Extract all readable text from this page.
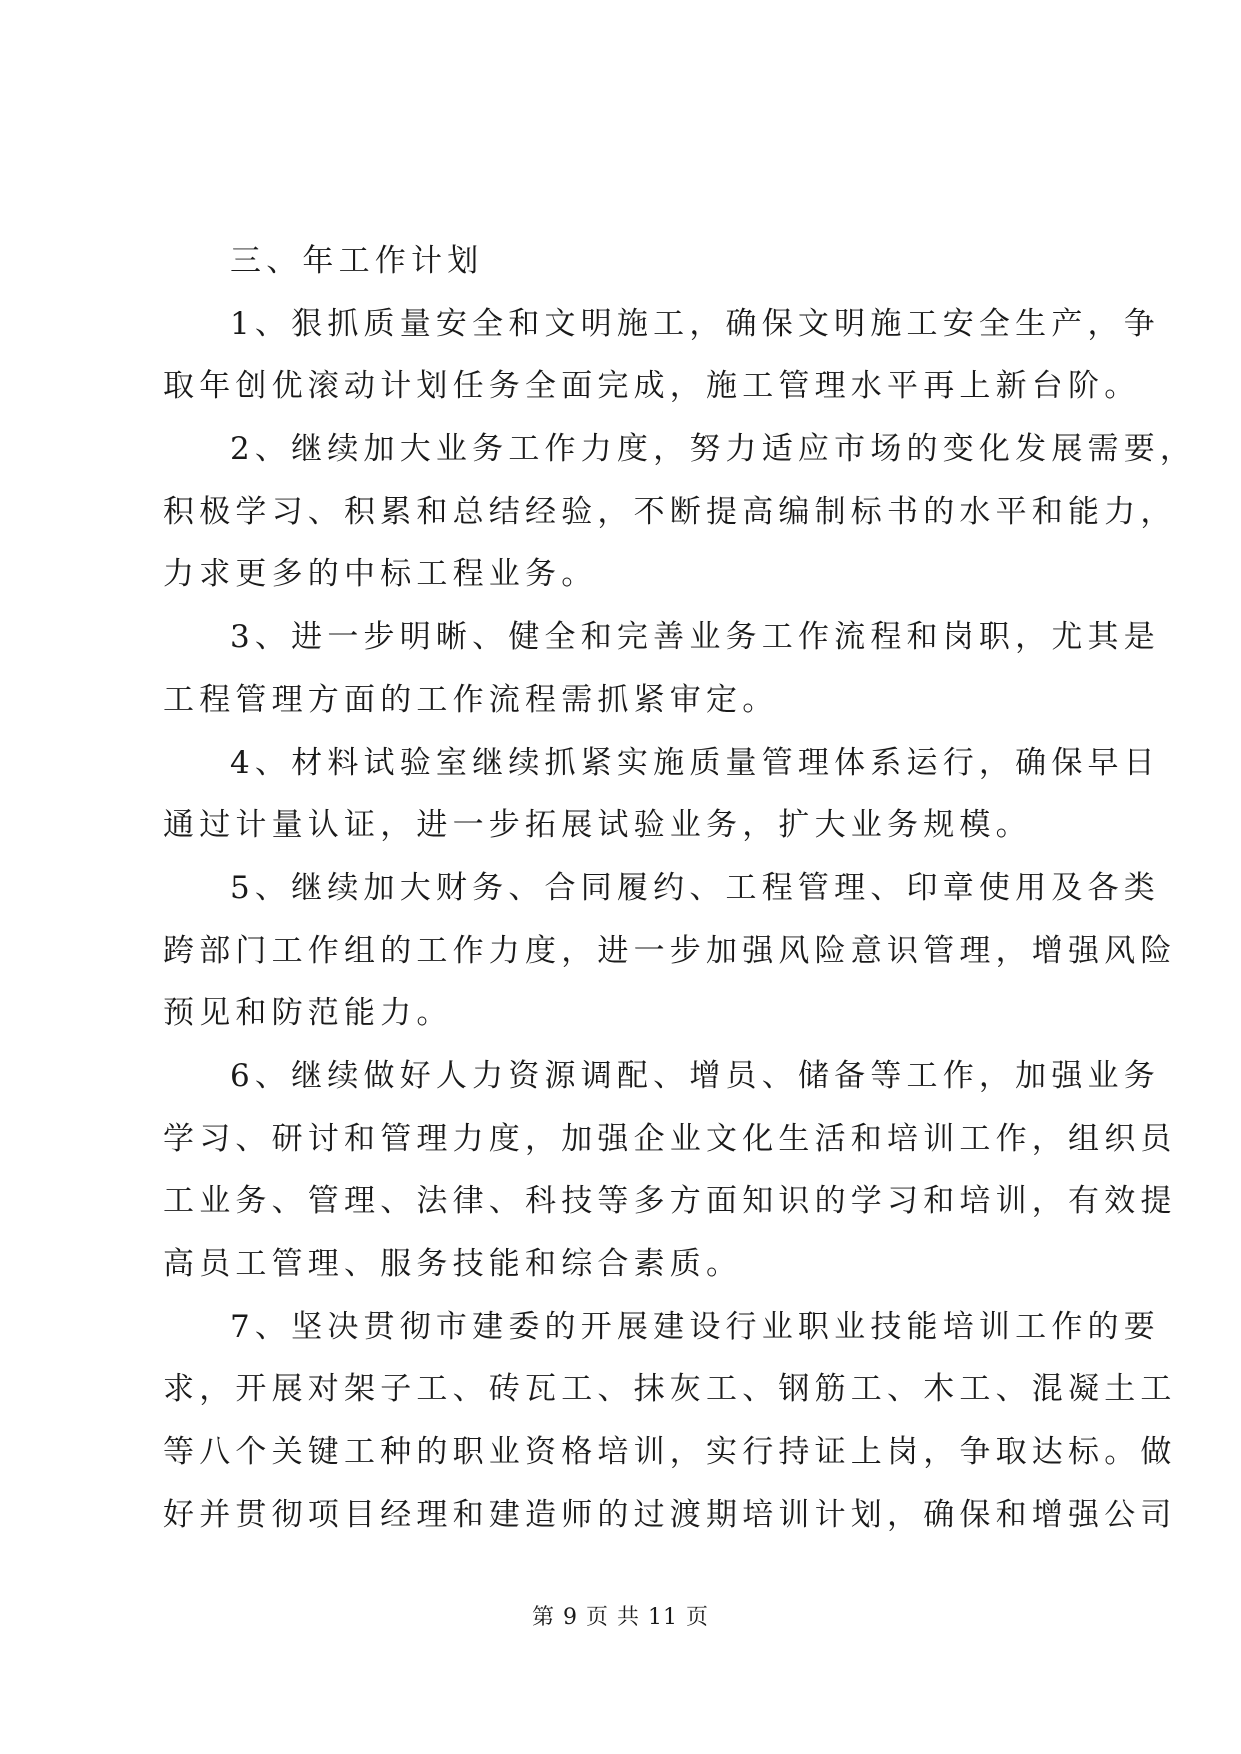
三、年工作计划
1、狠抓质量安全和文明施工，确保文明施工安全生产，争
取年创优滚动计划任务全面完成，施工管理水平再上新台阶。
2、继续加大业务工作力度，努力适应市场的变化发展需要，
积极学习、积累和总结经验，不断提高编制标书的水平和能力，
力求更多的中标工程业务。
3、进一步明晰、健全和完善业务工作流程和岗职，尤其是
工程管理方面的工作流程需抓紧审定。
4、材料试验室继续抓紧实施质量管理体系运行，确保早日
通过计量认证，进一步拓展试验业务，扩大业务规模。
5、继续加大财务、合同履约、工程管理、印章使用及各类
跨部门工作组的工作力度，进一步加强风险意识管理，增强风险
预见和防范能力。
6、继续做好人力资源调配、增员、储备等工作，加强业务
学习、研讨和管理力度，加强企业文化生活和培训工作，组织员
工业务、管理、法律、科技等多方面知识的学习和培训，有效提
高员工管理、服务技能和综合素质。
7、坚决贯彻市建委的开展建设行业职业技能培训工作的要
求，开展对架子工、砖瓦工、抹灰工、钢筋工、木工、混凝土工
等八个关键工种的职业资格培训，实行持证上岗，争取达标。做
好并贯彻项目经理和建造师的过渡期培训计划，确保和增强公司
第 9 页 共 11 页
